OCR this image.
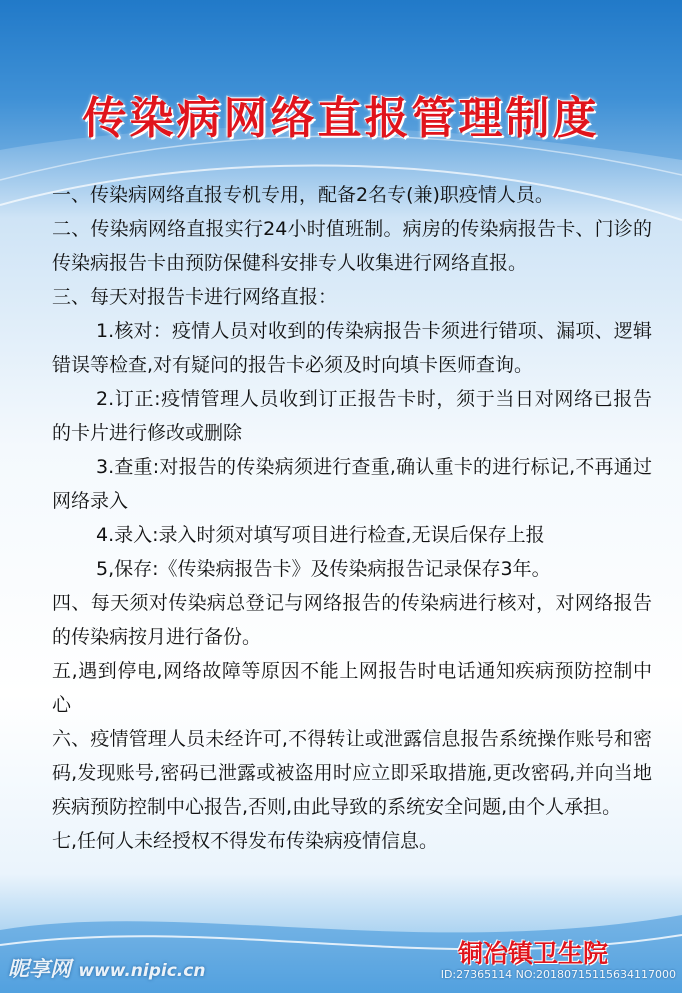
传染病网络直报管理制度

一、传染病网络直报专机专用，配备2名专(兼)职疫情人员。

二、传染病网络直报实行24小时值班制。病房的传染病报告卡、门诊的传染病报告卡由预防保健科安排专人收集进行网络直报。

三、每天对报告卡进行网络直报：

1.核对：疫情人员对收到的传染病报告卡须进行错项、漏项、逻辑错误等检查,对有疑问的报告卡必须及时向填卡医师查询。

2.订正:疫情管理人员收到订正报告卡时，须于当日对网络已报告的卡片进行修改或删除

3.查重:对报告的传染病须进行查重,确认重卡的进行标记,不再通过网络录入

4.录入:录入时须对填写项目进行检查,无误后保存上报

5,保存:《传染病报告卡》及传染病报告记录保存3年。

四、每天须对传染病总登记与网络报告的传染病进行核对，对网络报告的传染病按月进行备份。

五,遇到停电,网络故障等原因不能上网报告时电话通知疾病预防控制中心

六、疫情管理人员未经许可,不得转让或泄露信息报告系统操作账号和密码,发现账号,密码已泄露或被盗用时应立即采取措施,更改密码,并向当地疾病预防控制中心报告,否则,由此导致的系统安全问题,由个人承担。

七,任何人未经授权不得发布传染病疫情信息。

铜冶镇卫生院
昵享网 www.nipic.cn	ID:27365114 NO:20180715115634117000
